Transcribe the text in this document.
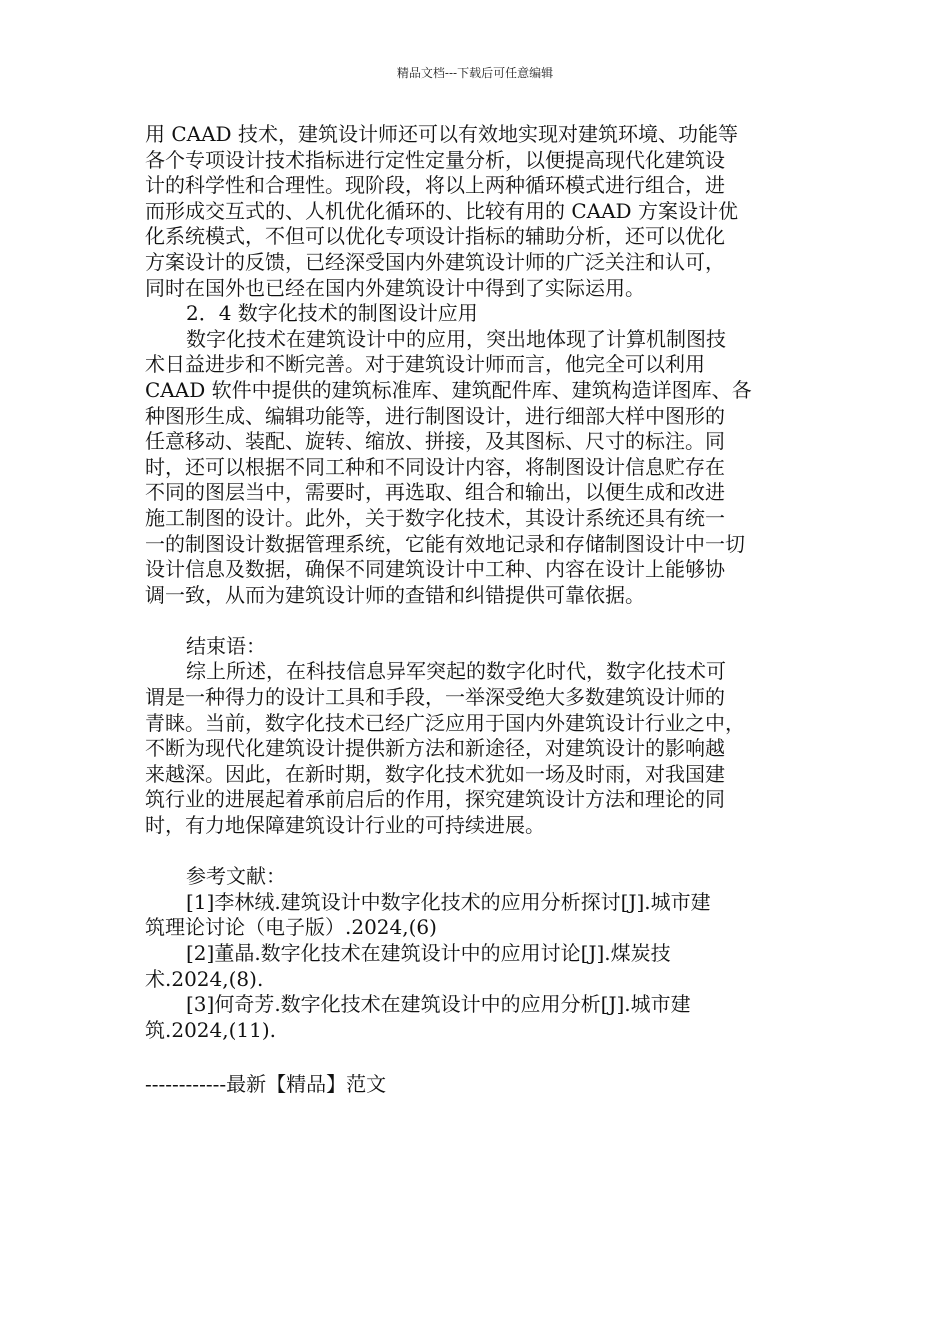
精品文档---下载后可任意编辑
用 CAAD 技术，建筑设计师还可以有效地实现对建筑环境、功能等
各个专项设计技术指标进行定性定量分析，以便提高现代化建筑设
计的科学性和合理性。现阶段，将以上两种循环模式进行组合，进
而形成交互式的、人机优化循环的、比较有用的 CAAD 方案设计优
化系统模式，不但可以优化专项设计指标的辅助分析，还可以优化
方案设计的反馈，已经深受国内外建筑设计师的广泛关注和认可，
同时在国外也已经在国内外建筑设计中得到了实际运用。
2．4 数字化技术的制图设计应用
数字化技术在建筑设计中的应用，突出地体现了计算机制图技
术日益进步和不断完善。对于建筑设计师而言，他完全可以利用
CAAD 软件中提供的建筑标准库、建筑配件库、建筑构造详图库、各
种图形生成、编辑功能等，进行制图设计，进行细部大样中图形的
任意移动、装配、旋转、缩放、拼接，及其图标、尺寸的标注。同
时，还可以根据不同工种和不同设计内容，将制图设计信息贮存在
不同的图层当中，需要时，再选取、组合和输出，以便生成和改进
施工制图的设计。此外，关于数字化技术，其设计系统还具有统一
一的制图设计数据管理系统，它能有效地记录和存储制图设计中一切
设计信息及数据，确保不同建筑设计中工种、内容在设计上能够协
调一致，从而为建筑设计师的查错和纠错提供可靠依据。
结束语：
综上所述，在科技信息异军突起的数字化时代，数字化技术可
谓是一种得力的设计工具和手段，一举深受绝大多数建筑设计师的
青睐。当前，数字化技术已经广泛应用于国内外建筑设计行业之中，
不断为现代化建筑设计提供新方法和新途径，对建筑设计的影响越
来越深。因此，在新时期，数字化技术犹如一场及时雨，对我国建
筑行业的进展起着承前启后的作用，探究建筑设计方法和理论的同
时，有力地保障建筑设计行业的可持续进展。
参考文献：
[1]李林绒.建筑设计中数字化技术的应用分析探讨[J].城市建
筑理论讨论（电子版）.2024,(6)
[2]董晶.数字化技术在建筑设计中的应用讨论[J].煤炭技
术.2024,(8).
[3]何奇芳.数字化技术在建筑设计中的应用分析[J].城市建
筑.2024,(11).
------------最新【精品】范文
